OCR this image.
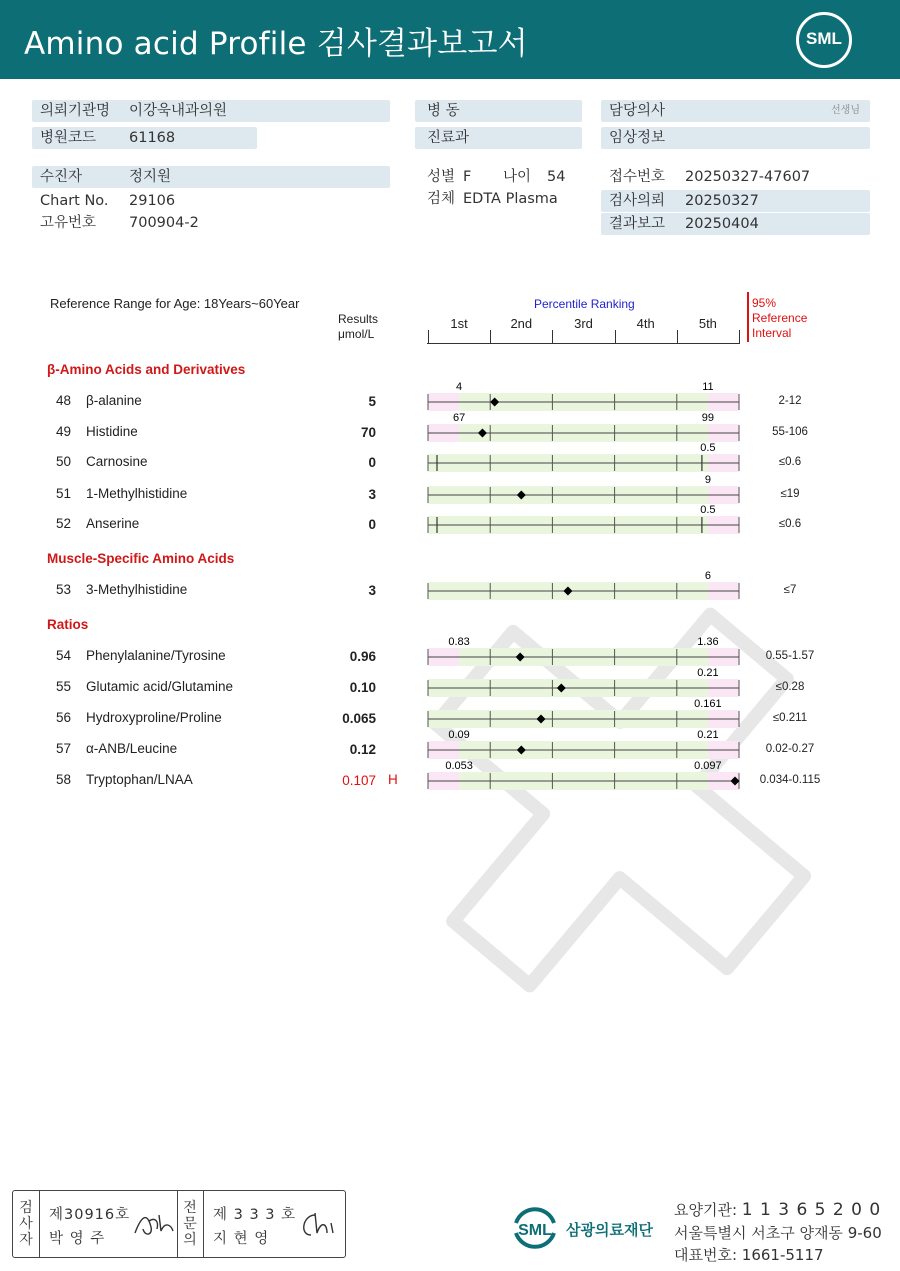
Amino acid Profile 검사결과보고서	SML
의뢰기관명 이강욱내과의원
병원코드 61168
병 동
진료과
담당의사	선생님
임상정보
수진자	정지원
Chart No. 29106
고유번호 700904-2
성별 F 나이 54
검체 EDTA Plasma
접수번호 20250327-47607
검사의뢰 20250327
결과보고 20250404
Reference Range for Age: 18Years~60Year
Results
μmol/L
Percentile Ranking	95%
Reference
Interval
1st	2nd	3rd	4th	5th
β-Amino Acids and Derivatives
48 β-alanine	5	2-12
49 Histidine	70	55-106
50 Carnosine	0	≤0.6
51 1-Methylhistidine	3	≤19
52 Anserine	0	≤0.6
Muscle-Specific Amino Acids
53 3-Methylhistidine	3	≤7
Ratios
54 Phenylalanine/Tyrosine	0.96	0.55-1.57
55 Glutamic acid/Glutamine	0.10	≤0.28
56 Hydroxyproline/Proline	0.065	≤0.211
57 α-ANB/Leucine	0.12	0.02-0.27
58 Tryptophan/LNAA	0.107 H	0.034-0.115
4	11
67	99
0.5
9
0.5
6
0.83	1.36
0.21
0.161
0.09	0.21
0.053	0.097
검
사
자
제30916호
박 영 주
전
문
의
제 3 3 3 호
지 현 영	SML 삼광의료재단
요양기관: 1 1 3 6 5 2 0 0
서울특별시 서초구 양재동 9-60
대표번호: 1661-5117
